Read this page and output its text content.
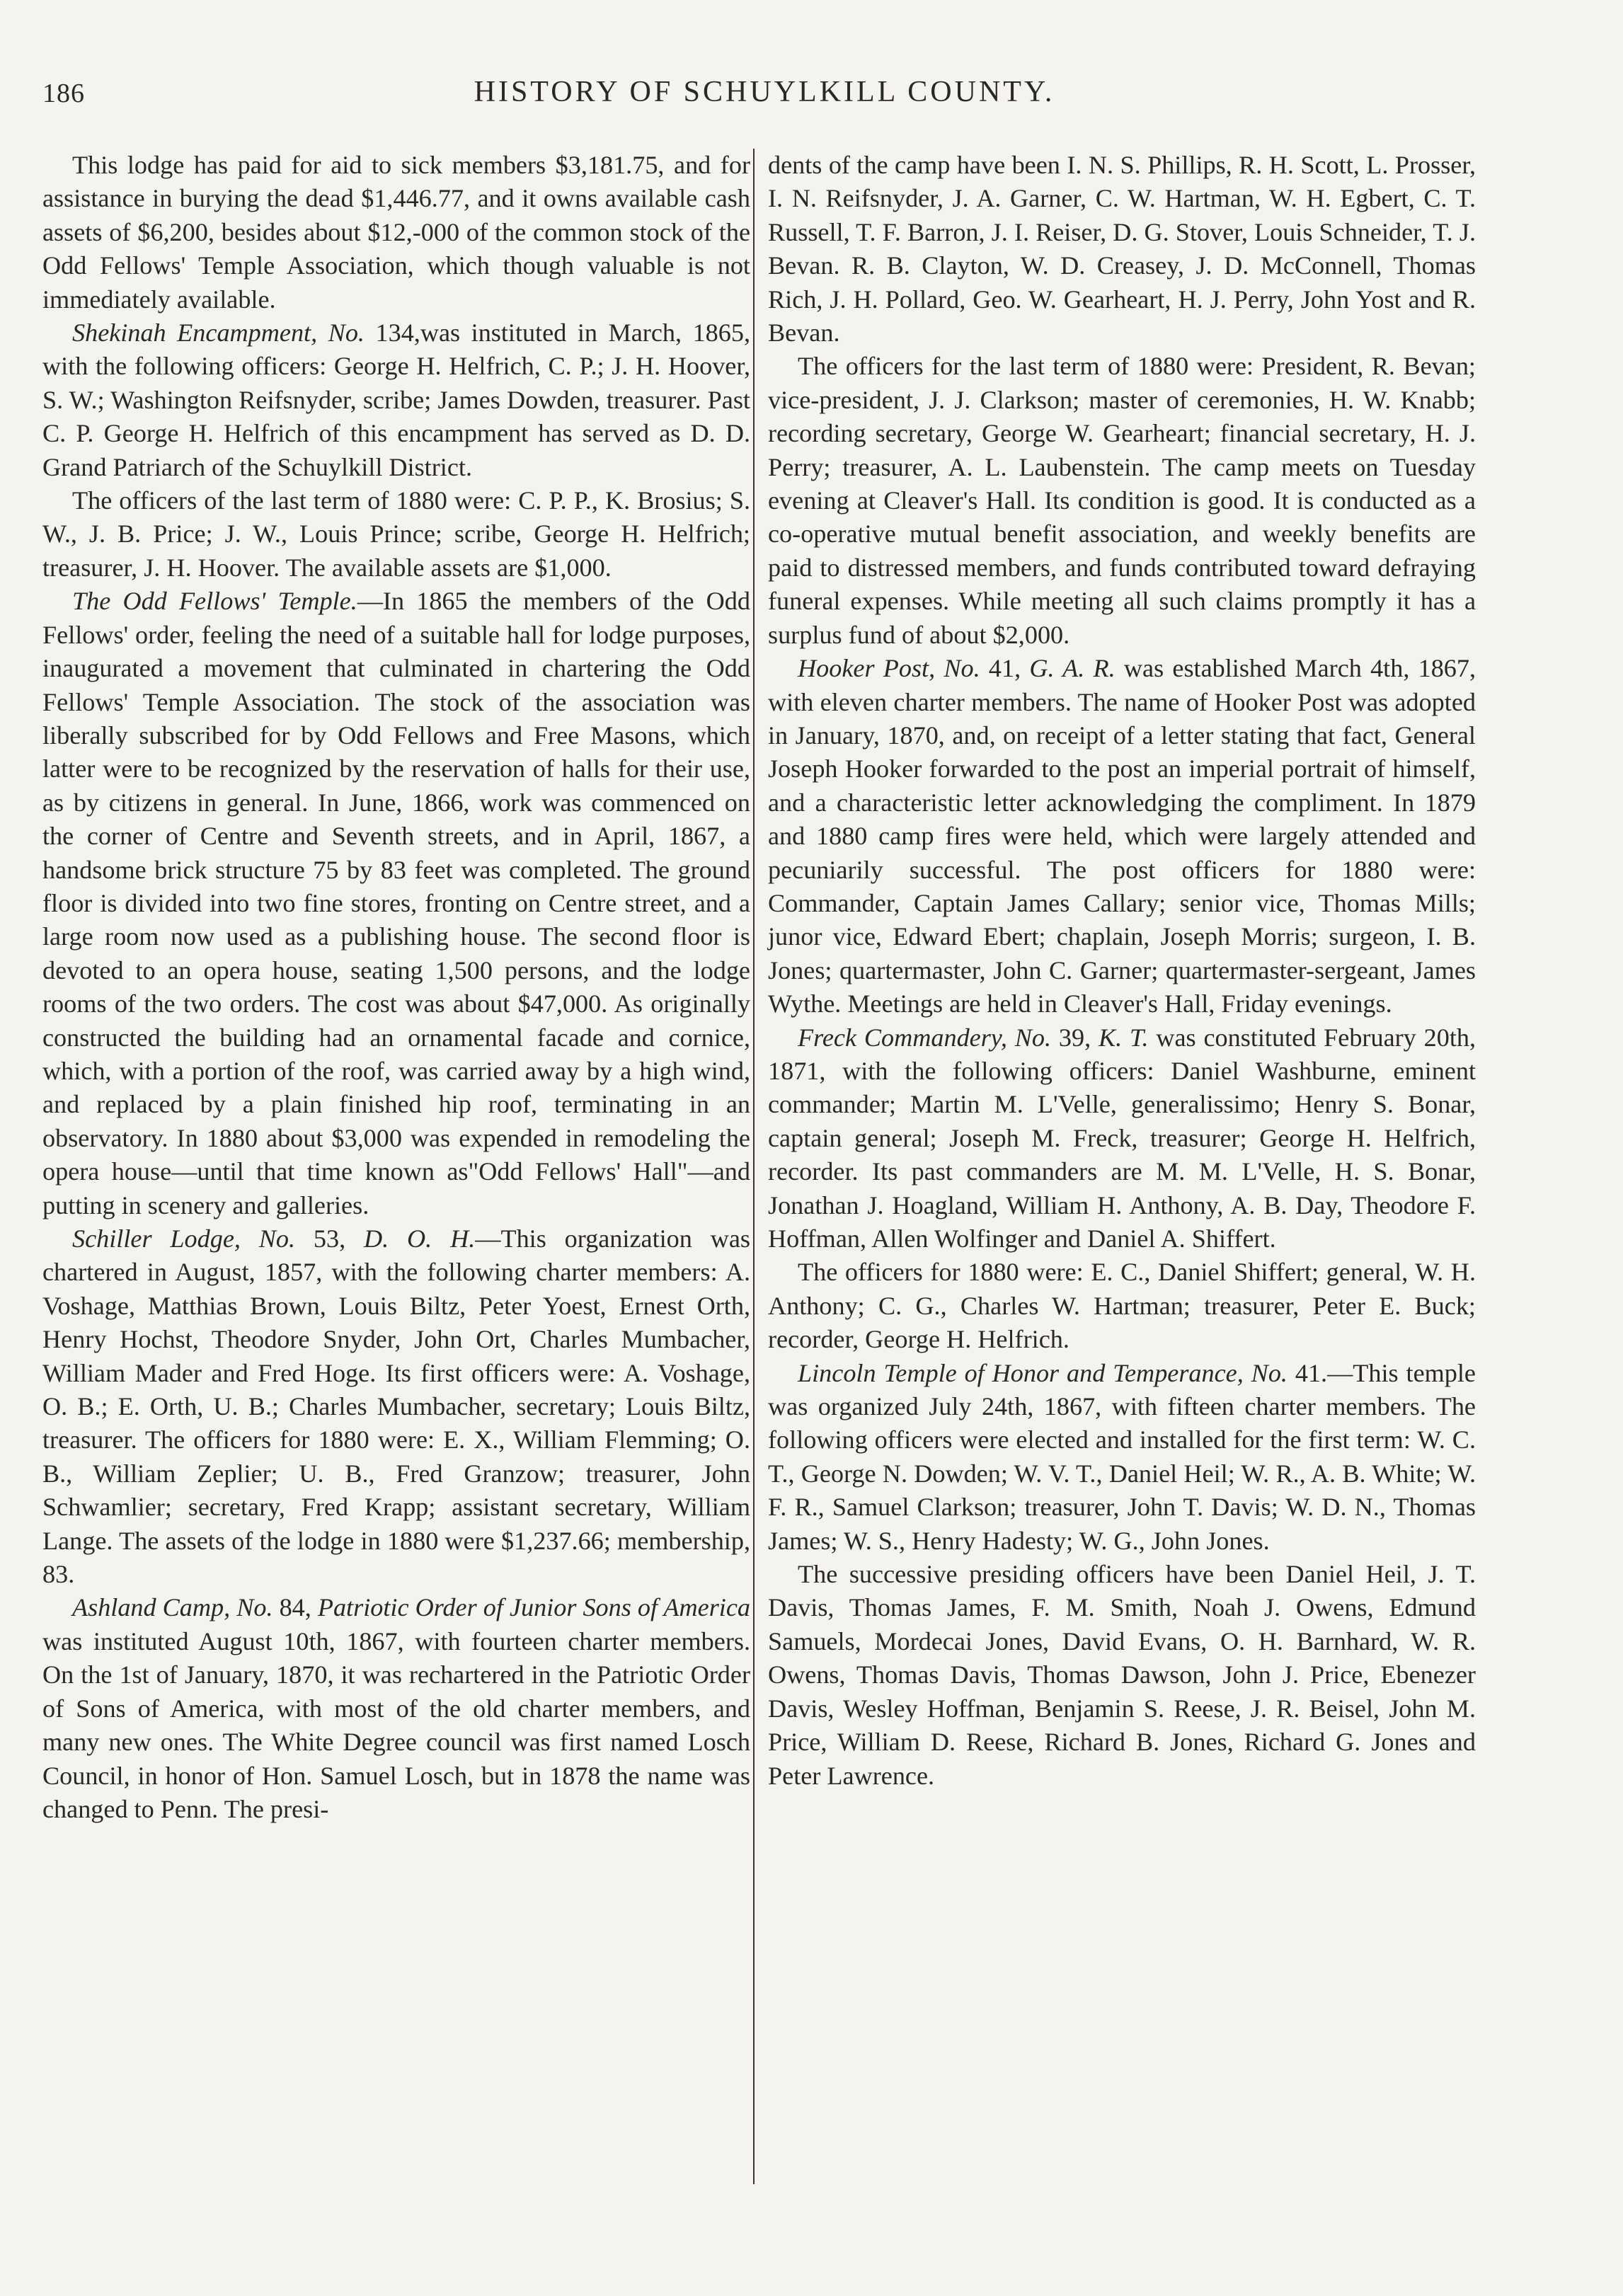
186	HISTORY OF SCHUYLKILL COUNTY.

This lodge has paid for aid to sick members $3,181.75, and for assistance in burying the dead $1,446.77, and it owns available cash assets of $6,200, besides about $12,-000 of the common stock of the Odd Fellows' Temple Association, which though valuable is not immediately available.

Shekinah Encampment, No. 134,was instituted in March, 1865, with the following officers: George H. Helfrich, C. P.; J. H. Hoover, S. W.; Washington Reifsnyder, scribe; James Dowden, treasurer. Past C. P. George H. Helfrich of this encampment has served as D. D. Grand Patriarch of the Schuylkill District.

The officers of the last term of 1880 were: C. P. P., K. Brosius; S. W., J. B. Price; J. W., Louis Prince; scribe, George H. Helfrich; treasurer, J. H. Hoover. The available assets are $1,000.

The Odd Fellows' Temple.—In 1865 the members of the Odd Fellows' order, feeling the need of a suitable hall for lodge purposes, inaugurated a movement that culminated in chartering the Odd Fellows' Temple Association. The stock of the association was liberally subscribed for by Odd Fellows and Free Masons, which latter were to be recognized by the reservation of halls for their use, as by citizens in general. In June, 1866, work was commenced on the corner of Centre and Seventh streets, and in April, 1867, a handsome brick structure 75 by 83 feet was completed. The ground floor is divided into two fine stores, fronting on Centre street, and a large room now used as a publishing house. The second floor is devoted to an opera house, seating 1,500 persons, and the lodge rooms of the two orders. The cost was about $47,000. As originally constructed the building had an ornamental facade and cornice, which, with a portion of the roof, was carried away by a high wind, and replaced by a plain finished hip roof, terminating in an observatory. In 1880 about $3,000 was expended in remodeling the opera house—until that time known as"Odd Fellows' Hall"—and putting in scenery and galleries.

Schiller Lodge, No. 53, D. O. H.—This organization was chartered in August, 1857, with the following charter members: A. Voshage, Matthias Brown, Louis Biltz, Peter Yoest, Ernest Orth, Henry Hochst, Theodore Snyder, John Ort, Charles Mumbacher, William Mader and Fred Hoge. Its first officers were: A. Voshage, O. B.; E. Orth, U. B.; Charles Mumbacher, secretary; Louis Biltz, treasurer. The officers for 1880 were: E. X., William Flemming; O. B., William Zeplier; U. B., Fred Granzow; treasurer, John Schwamlier; secretary, Fred Krapp; assistant secretary, William Lange. The assets of the lodge in 1880 were $1,237.66; membership, 83.

Ashland Camp, No. 84, Patriotic Order of Junior Sons of America was instituted August 10th, 1867, with fourteen charter members. On the 1st of January, 1870, it was rechartered in the Patriotic Order of Sons of America, with most of the old charter members, and many new ones. The White Degree council was first named Losch Council, in honor of Hon. Samuel Losch, but in 1878 the name was changed to Penn. The presi-

dents of the camp have been I. N. S. Phillips, R. H. Scott, L. Prosser, I. N. Reifsnyder, J. A. Garner, C. W. Hartman, W. H. Egbert, C. T. Russell, T. F. Barron, J. I. Reiser, D. G. Stover, Louis Schneider, T. J. Bevan. R. B. Clayton, W. D. Creasey, J. D. McConnell, Thomas Rich, J. H. Pollard, Geo. W. Gearheart, H. J. Perry, John Yost and R. Bevan.

The officers for the last term of 1880 were: President, R. Bevan; vice-president, J. J. Clarkson; master of ceremonies, H. W. Knabb; recording secretary, George W. Gearheart; financial secretary, H. J. Perry; treasurer, A. L. Laubenstein. The camp meets on Tuesday evening at Cleaver's Hall. Its condition is good. It is conducted as a co-operative mutual benefit association, and weekly benefits are paid to distressed members, and funds contributed toward defraying funeral expenses. While meeting all such claims promptly it has a surplus fund of about $2,000.

Hooker Post, No. 41, G. A. R. was established March 4th, 1867, with eleven charter members. The name of Hooker Post was adopted in January, 1870, and, on receipt of a letter stating that fact, General Joseph Hooker forwarded to the post an imperial portrait of himself, and a characteristic letter acknowledging the compliment. In 1879 and 1880 camp fires were held, which were largely attended and pecuniarily successful. The post officers for 1880 were: Commander, Captain James Callary; senior vice, Thomas Mills; junor vice, Edward Ebert; chaplain, Joseph Morris; surgeon, I. B. Jones; quartermaster, John C. Garner; quartermaster-sergeant, James Wythe. Meetings are held in Cleaver's Hall, Friday evenings.

Freck Commandery, No. 39, K. T. was constituted February 20th, 1871, with the following officers: Daniel Washburne, eminent commander; Martin M. L'Velle, generalissimo; Henry S. Bonar, captain general; Joseph M. Freck, treasurer; George H. Helfrich, recorder. Its past commanders are M. M. L'Velle, H. S. Bonar, Jonathan J. Hoagland, William H. Anthony, A. B. Day, Theodore F. Hoffman, Allen Wolfinger and Daniel A. Shiffert.

The officers for 1880 were: E. C., Daniel Shiffert; general, W. H. Anthony; C. G., Charles W. Hartman; treasurer, Peter E. Buck; recorder, George H. Helfrich.

Lincoln Temple of Honor and Temperance, No. 41.—This temple was organized July 24th, 1867, with fifteen charter members. The following officers were elected and installed for the first term: W. C. T., George N. Dowden; W. V. T., Daniel Heil; W. R., A. B. White; W. F. R., Samuel Clarkson; treasurer, John T. Davis; W. D. N., Thomas James; W. S., Henry Hadesty; W. G., John Jones.

The successive presiding officers have been Daniel Heil, J. T. Davis, Thomas James, F. M. Smith, Noah J. Owens, Edmund Samuels, Mordecai Jones, David Evans, O. H. Barnhard, W. R. Owens, Thomas Davis, Thomas Dawson, John J. Price, Ebenezer Davis, Wesley Hoffman, Benjamin S. Reese, J. R. Beisel, John M. Price, William D. Reese, Richard B. Jones, Richard G. Jones and Peter Lawrence.
